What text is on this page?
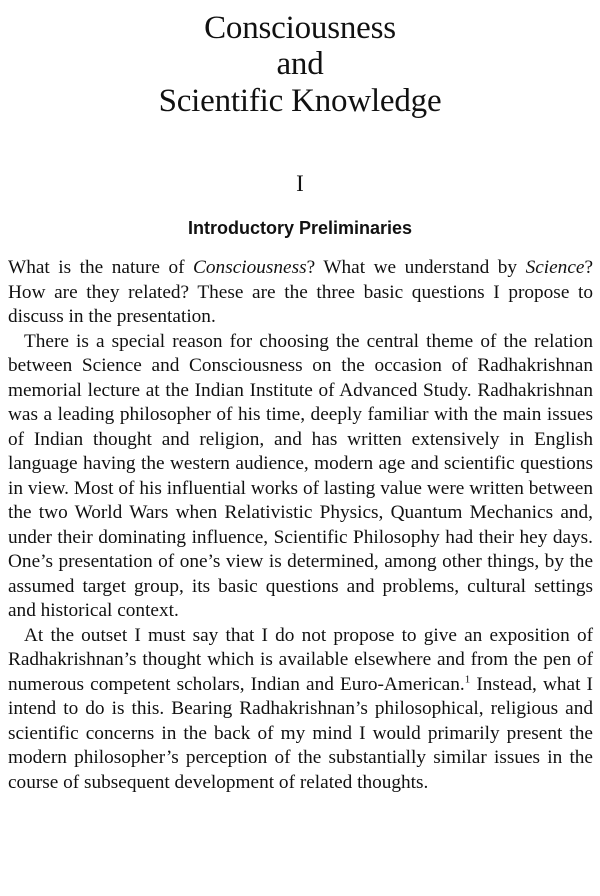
Consciousness
and
Scientific Knowledge
I
Introductory Preliminaries

What is the nature of Consciousness? What we understand by Science? How are they related? These are the three basic questions I propose to discuss in the presentation.

There is a special reason for choosing the central theme of the relation between Science and Consciousness on the occasion of Radhakrishnan memorial lecture at the Indian Institute of Advanced Study. Radhakrishnan was a leading philosopher of his time, deeply familiar with the main issues of Indian thought and religion, and has written extensively in English language having the western audience, modern age and scientific questions in view. Most of his influential works of lasting value were written between the two World Wars when Relativistic Physics, Quantum Mechanics and, under their dominating influence, Scientific Philosophy had their hey days. One’s presentation of one’s view is determined, among other things, by the assumed target group, its basic questions and problems, cultural settings and historical context.

At the outset I must say that I do not propose to give an exposition of Radhakrishnan’s thought which is available elsewhere and from the pen of numerous competent scholars, Indian and Euro-American.$^1$ Instead, what I intend to do is this. Bearing Radhakrishnan’s philosophical, religious and scientific concerns in the back of my mind I would primarily present the modern philosopher’s perception of the substantially similar issues in the course of subsequent development of related thoughts.
